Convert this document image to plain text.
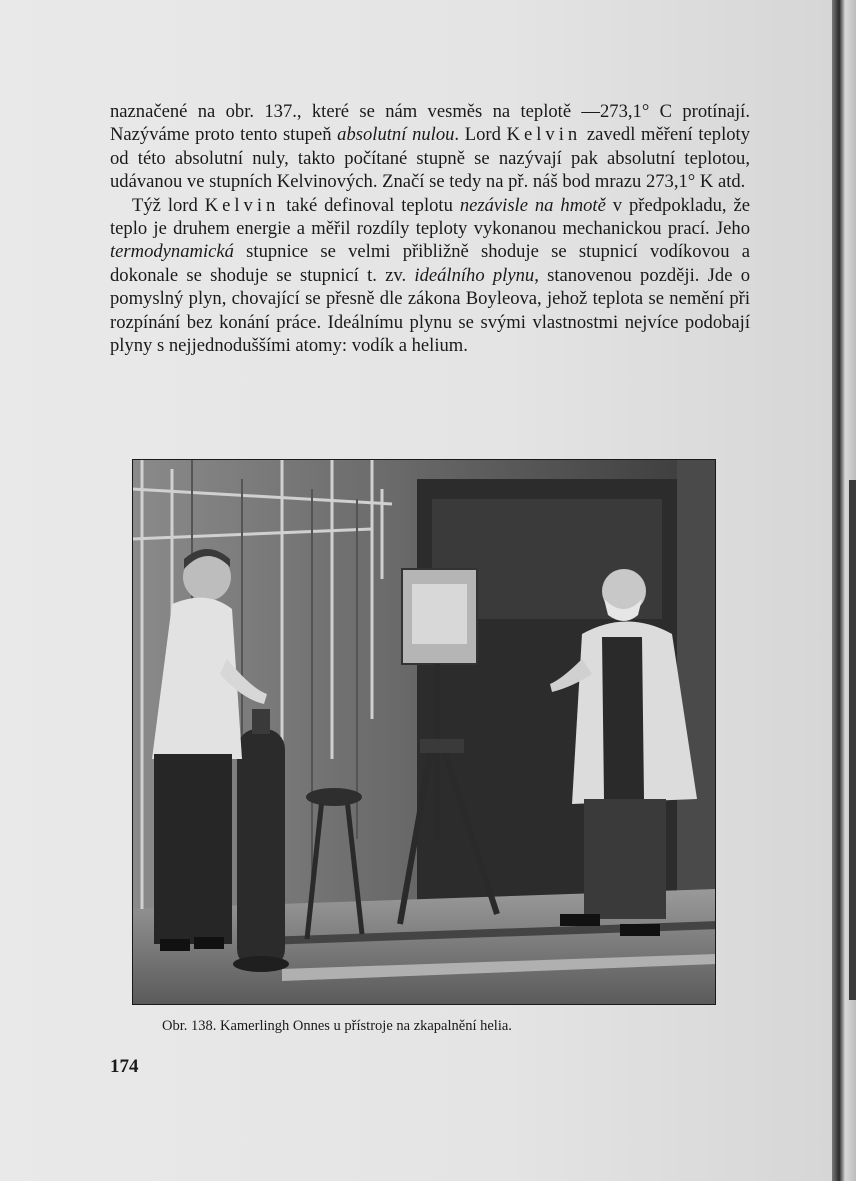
naznačené na obr. 137., které se nám vesměs na teplotě —273,1° C protínají. Nazýváme proto tento stupeň absolutní nulou. Lord Kelvin zavedl měření teploty od této absolutní nuly, takto počítané stupně se nazývají pak absolutní teplotou, udávanou ve stupních Kelvinových. Značí se tedy na př. náš bod mrazu 273,1° K atd.

Týž lord Kelvin také definoval teplotu nezávisle na hmotě v předpokladu, že teplo je druhem energie a měřil rozdíly teploty vykonanou mechanickou prací. Jeho termodynamická stupnice se velmi přibližně shoduje se stupnicí vodíkovou a dokonale se shoduje se stupnicí t. zv. ideálního plynu, stanovenou později. Jde o pomyslný plyn, chovající se přesně dle zákona Boyleova, jehož teplota se nemění při rozpínání bez konání práce. Ideálnímu plynu se svými vlastnostmi nejvíce podobají plyny s nejjednoduššími atomy: vodík a helium.

Obr. 138. Kamerlingh Onnes u přístroje na zkapalnění helia.
174
